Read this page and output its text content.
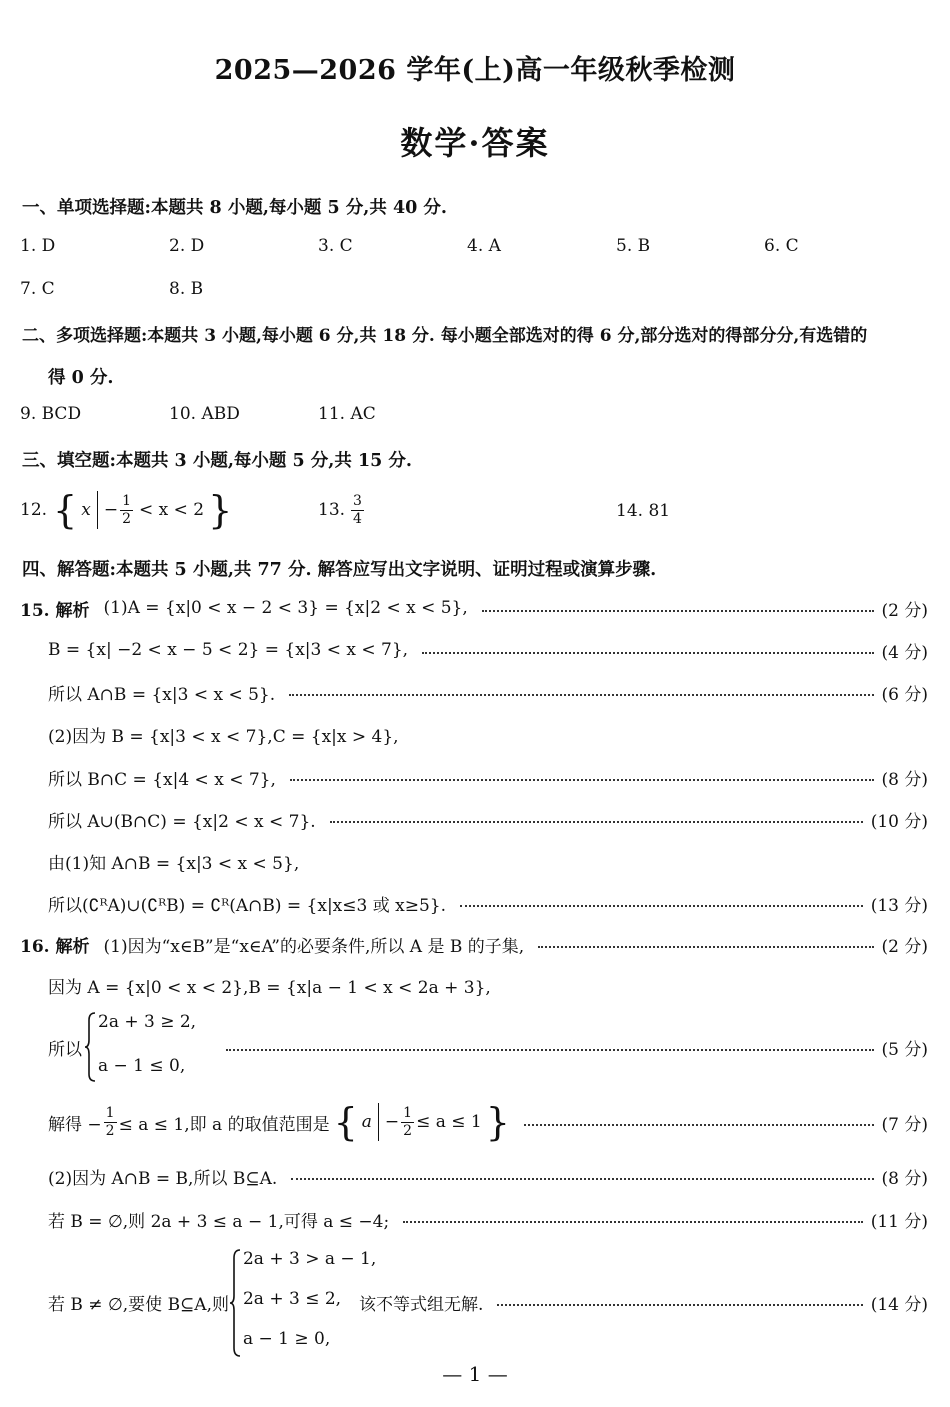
2025—2026 学年(上)高一年级秋季检测
数学·答案
一、单项选择题:本题共 8 小题,每小题 5 分,共 40 分.
1. D	2. D	3. C	4. A	5. B	6. C
7. C	8. B
二、多项选择题:本题共 3 小题,每小题 6 分,共 18 分. 每小题全部选对的得 6 分,部分选对的得部分分,有选错的
得 0 分.
9. BCD	10. ABD	11. AC
三、填空题:本题共 3 小题,每小题 5 分,共 15 分.
12. { $x - \frac{1}{2} < x < 2$ }	13. $\frac{3}{4}$	14. 81
四、解答题:本题共 5 小题,共 77 分. 解答应写出文字说明、证明过程或演算步骤.
15. 解析 (1)A = {x|0 < x − 2 < 3} = {x|2 < x < 5},	(2 分)
B = {x| −2 < x − 5 < 2} = {x|3 < x < 7},	(4 分)
所以 A∩B = {x|3 < x < 5}.	(6 分)
(2)因为 B = {x|3 < x < 7},C = {x|x > 4},
所以 B∩C = {x|4 < x < 7},	(8 分)
所以 A∪(B∩C) = {x|2 < x < 7}.	(10 分)
由(1)知 A∩B = {x|3 < x < 5},
所以(∁ᴿA)∪(∁ᴿB) = ∁ᴿ(A∩B) = {x|x≤3 或 x≥5}.	(13 分)
16. 解析 (1)因为“x∈B”是“x∈A”的必要条件,所以 A 是 B 的子集,	(2 分)
因为 A = {x|0 < x < 2},B = {x|a − 1 < x < 2a + 3},
所以
2a + 3 ≥ 2,
a − 1 ≤ 0,
(5 分)
解得 − $\frac{1}{2} \le a \le 1$,即 a 的取值范围是 { $a - \frac{1}{2} \le a \le 1$ }	(7 分)
(2)因为 A∩B = B,所以 B⊆A.	(8 分)
若 B = ∅,则 2a + 3 ≤ a − 1,可得 a ≤ −4;	(11 分)
若 B ≠ ∅,要使 B⊆A,则
2a + 3 > a − 1,
2a + 3 ≤ 2,
a − 1 ≥ 0,
该不等式组无解.	(14 分)
— 1 —
